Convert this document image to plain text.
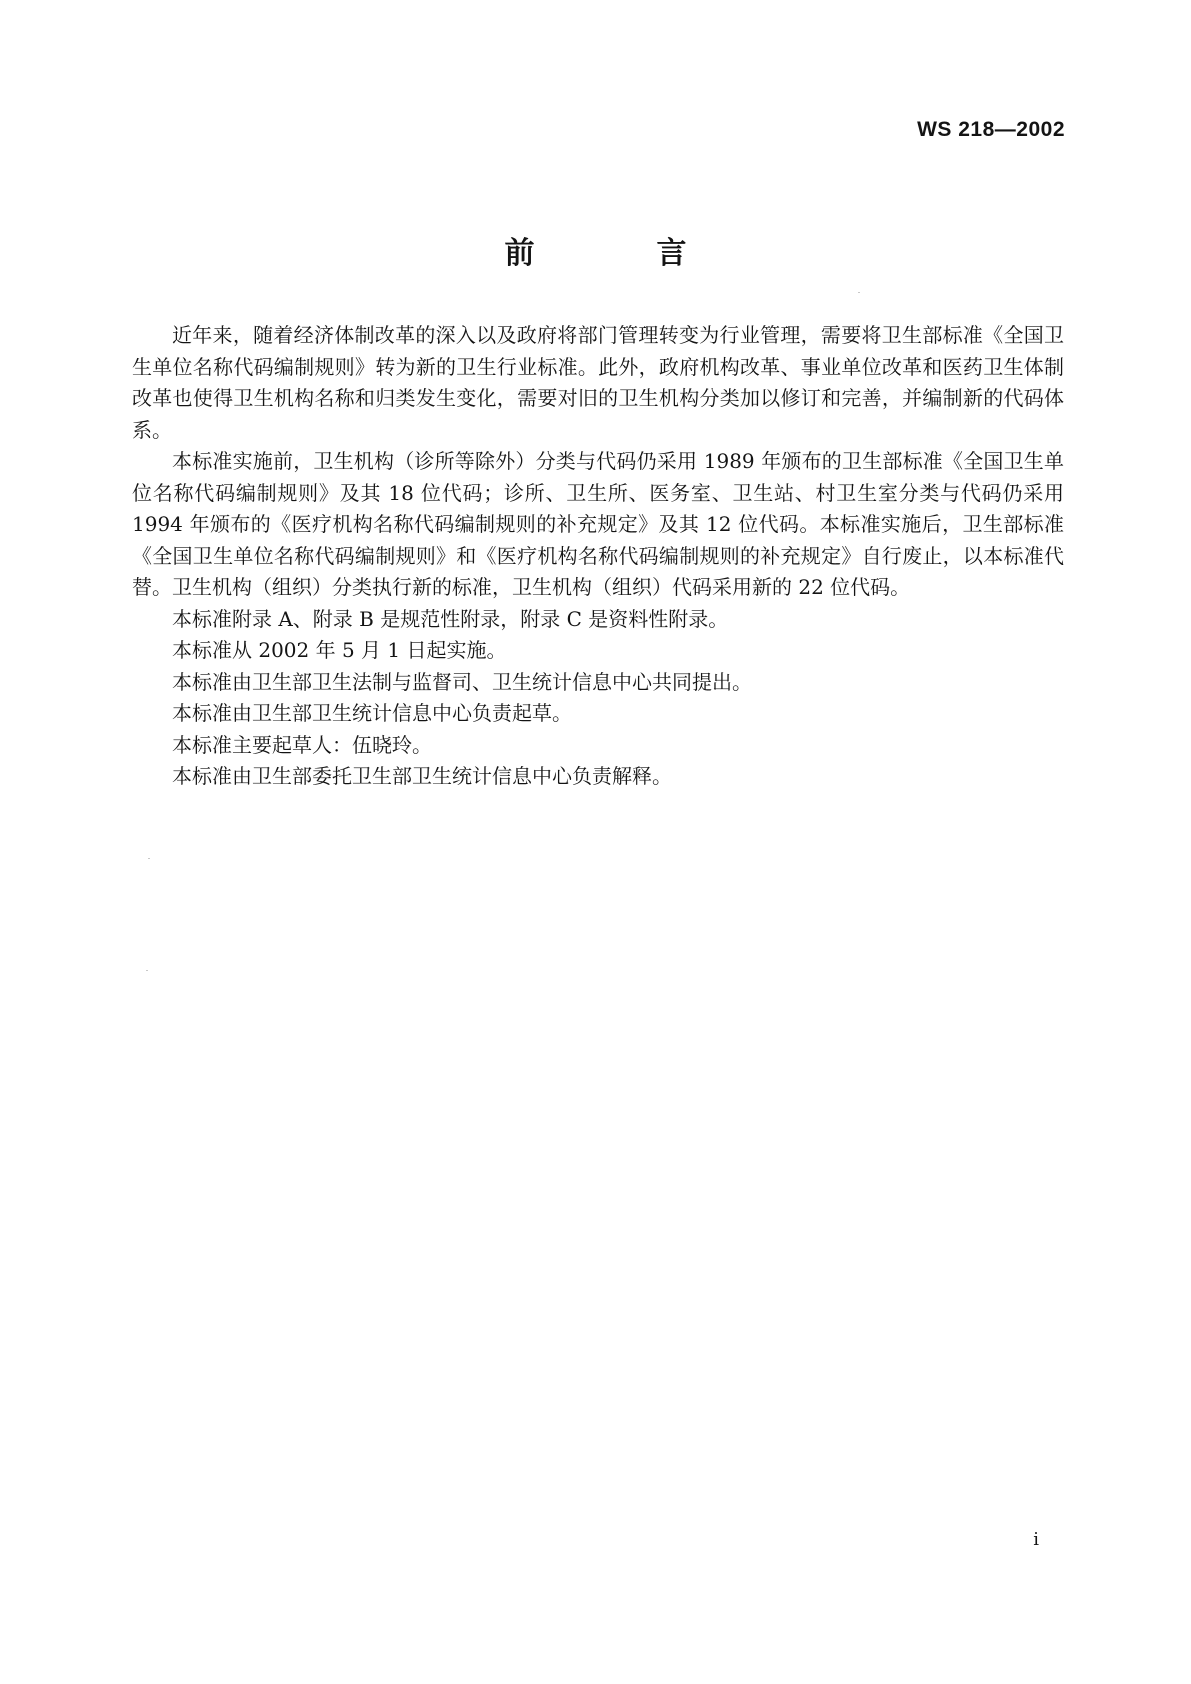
WS 218—2002
前　言

近年来，随着经济体制改革的深入以及政府将部门管理转变为行业管理，需要将卫生部标准《全国卫生单位名称代码编制规则》转为新的卫生行业标准。此外，政府机构改革、事业单位改革和医药卫生体制改革也使得卫生机构名称和归类发生变化，需要对旧的卫生机构分类加以修订和完善，并编制新的代码体系。

本标准实施前，卫生机构（诊所等除外）分类与代码仍采用 1989 年颁布的卫生部标准《全国卫生单位名称代码编制规则》及其 18 位代码；诊所、卫生所、医务室、卫生站、村卫生室分类与代码仍采用 1994 年颁布的《医疗机构名称代码编制规则的补充规定》及其 12 位代码。本标准实施后，卫生部标准《全国卫生单位名称代码编制规则》和《医疗机构名称代码编制规则的补充规定》自行废止，以本标准代替。卫生机构（组织）分类执行新的标准，卫生机构（组织）代码采用新的 22 位代码。

本标准附录 A、附录 B 是规范性附录，附录 C 是资料性附录。

本标准从 2002 年 5 月 1 日起实施。

本标准由卫生部卫生法制与监督司、卫生统计信息中心共同提出。

本标准由卫生部卫生统计信息中心负责起草。

本标准主要起草人：伍晓玲。

本标准由卫生部委托卫生部卫生统计信息中心负责解释。

i
